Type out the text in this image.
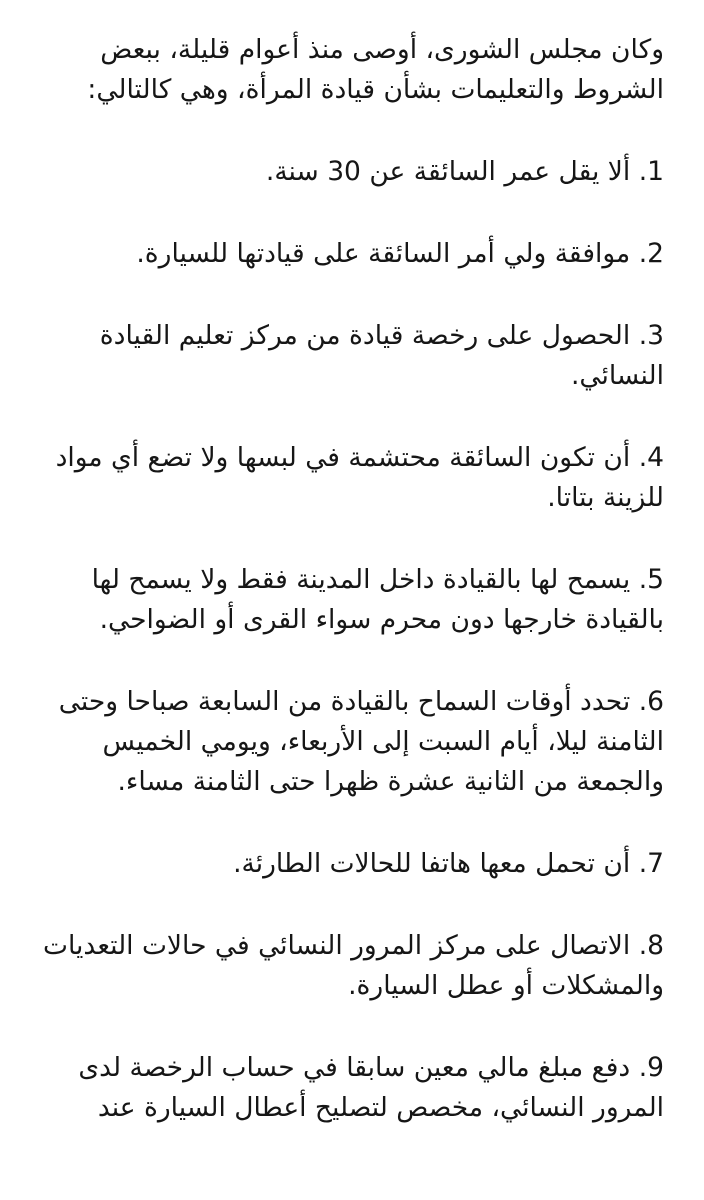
وكان مجلس الشورى، أوصى منذ أعوام قليلة، ببعض الشروط والتعليمات بشأن قيادة المرأة، وهي كالتالي:

1. ألا يقل عمر السائقة عن 30 سنة.

2. موافقة ولي أمر السائقة على قيادتها للسيارة.

3. الحصول على رخصة قيادة من مركز تعليم القيادة النسائي.

4. أن تكون السائقة محتشمة في لبسها ولا تضع أي مواد للزينة بتاتا.

5. يسمح لها بالقيادة داخل المدينة فقط ولا يسمح لها بالقيادة خارجها دون محرم سواء القرى أو الضواحي.

6. تحدد أوقات السماح بالقيادة من السابعة صباحا وحتى الثامنة ليلا، أيام السبت إلى الأربعاء، ويومي الخميس والجمعة من الثانية عشرة ظهرا حتى الثامنة مساء.

7. أن تحمل معها هاتفا للحالات الطارئة.

8. الاتصال على مركز المرور النسائي في حالات التعديات والمشكلات أو عطل السيارة.

9. دفع مبلغ مالي معين سابقا في حساب الرخصة لدى المرور النسائي، مخصص لتصليح أعطال السيارة عند
